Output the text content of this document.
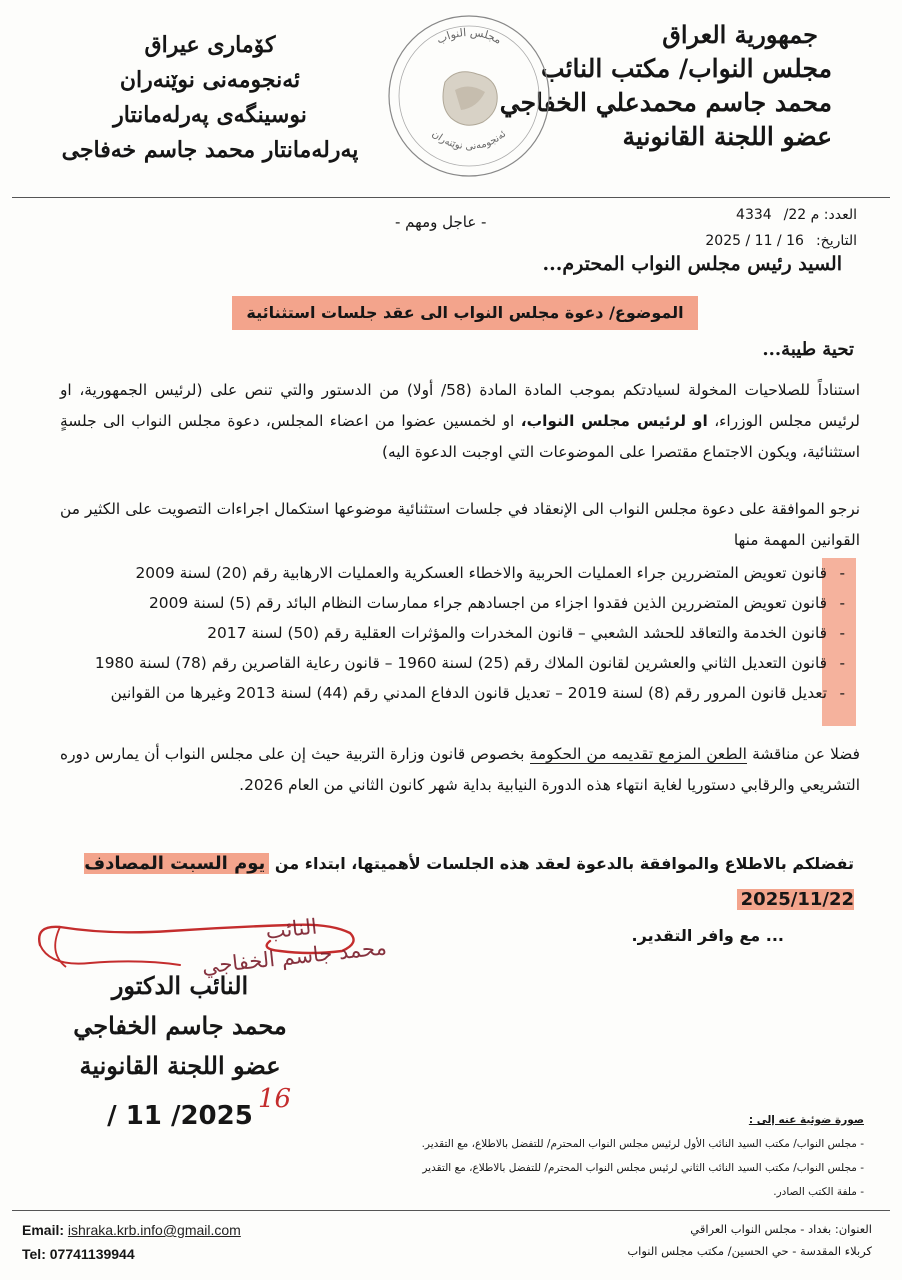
جمهورية العراق
مجلس النواب/ مكتب النائب
محمد جاسم محمدعلي الخفاجي
عضو اللجنة القانونية
كۆمارى عيراق
ئەنجومەنى نوێنەران
نوسينگەى پەرلەمانتار
پەرلەمانتار محمد جاسم خەفاجى
مجلس النواب
ئەنجومەنی نوێنەران
العدد: م 22/4334
التاريخ:16 / 11 / 2025
- عاجل ومهم -
السيد رئيس مجلس النواب المحترم...
الموضوع/ دعوة مجلس النواب الى عقد جلسات استثنائية
تحية طيبة...
استناداً للصلاحيات المخولة لسيادتكم بموجب المادة المادة (58/ أولا) من الدستور والتي تنص على (لرئيس الجمهورية، او لرئيس مجلس الوزراء، او لرئيس مجلس النواب، او لخمسين عضوا من اعضاء المجلس، دعوة مجلس النواب الى جلسةٍ استثنائية، ويكون الاجتماع مقتصرا على الموضوعات التي اوجبت الدعوة اليه)
نرجو الموافقة على دعوة مجلس النواب الى الإنعقاد في جلسات استثنائية موضوعها استكمال اجراءات التصويت على الكثير من القوانين المهمة منها
-
قانون تعويض المتضررين جراء العمليات الحربية والاخطاء العسكرية والعمليات الارهابية رقم (20) لسنة 2009
-
قانون تعويض المتضررين الذين فقدوا اجزاء من اجسادهم جراء ممارسات النظام البائد رقم (5) لسنة 2009
-
قانون الخدمة والتعاقد للحشد الشعبي – قانون المخدرات والمؤثرات العقلية رقم (50) لسنة 2017
-
قانون التعديل الثاني والعشرين لقانون الملاك رقم (25) لسنة 1960 – قانون رعاية القاصرين رقم (78) لسنة 1980
-
تعديل قانون المرور رقم (8) لسنة 2019 – تعديل قانون الدفاع المدني رقم (44) لسنة 2013 وغيرها من القوانين
فضلا عن مناقشة الطعن المزمع تقديمه من الحكومة بخصوص قانون وزارة التربية حيث إن على مجلس النواب أن يمارس دوره التشريعي والرقابي دستوريا لغاية انتهاء هذه الدورة النيابية بداية شهر كانون الثاني من العام 2026.
تفضلكم بالاطلاع والموافقة بالدعوة لعقد هذه الجلسات لأهميتها، ابتداء من يوم السبت المصادف 2025/11/22
... مع وافر التقدير.
النائب
محمد جاسم الخفاجي
النائب الدكتور
محمد جاسم الخفاجي
عضو اللجنة القانونية
2025/ 11 /
16
صورة ضوئية عنه إلى :
- مجلس النواب/ مكتب السيد النائب الأول لرئيس مجلس النواب المحترم/ للتفضل بالاطلاع، مع التقدير.
- مجلس النواب/ مكتب السيد النائب الثاني لرئيس مجلس النواب المحترم/ للتفضل بالاطلاع، مع التقدير
- ملفة الكتب الصادر.
Email: ishraka.krb.info@gmail.com
Tel: 07741139944
العنوان: بغداد - مجلس النواب العراقي
كربلاء المقدسة - حي الحسين/ مكتب مجلس النواب
